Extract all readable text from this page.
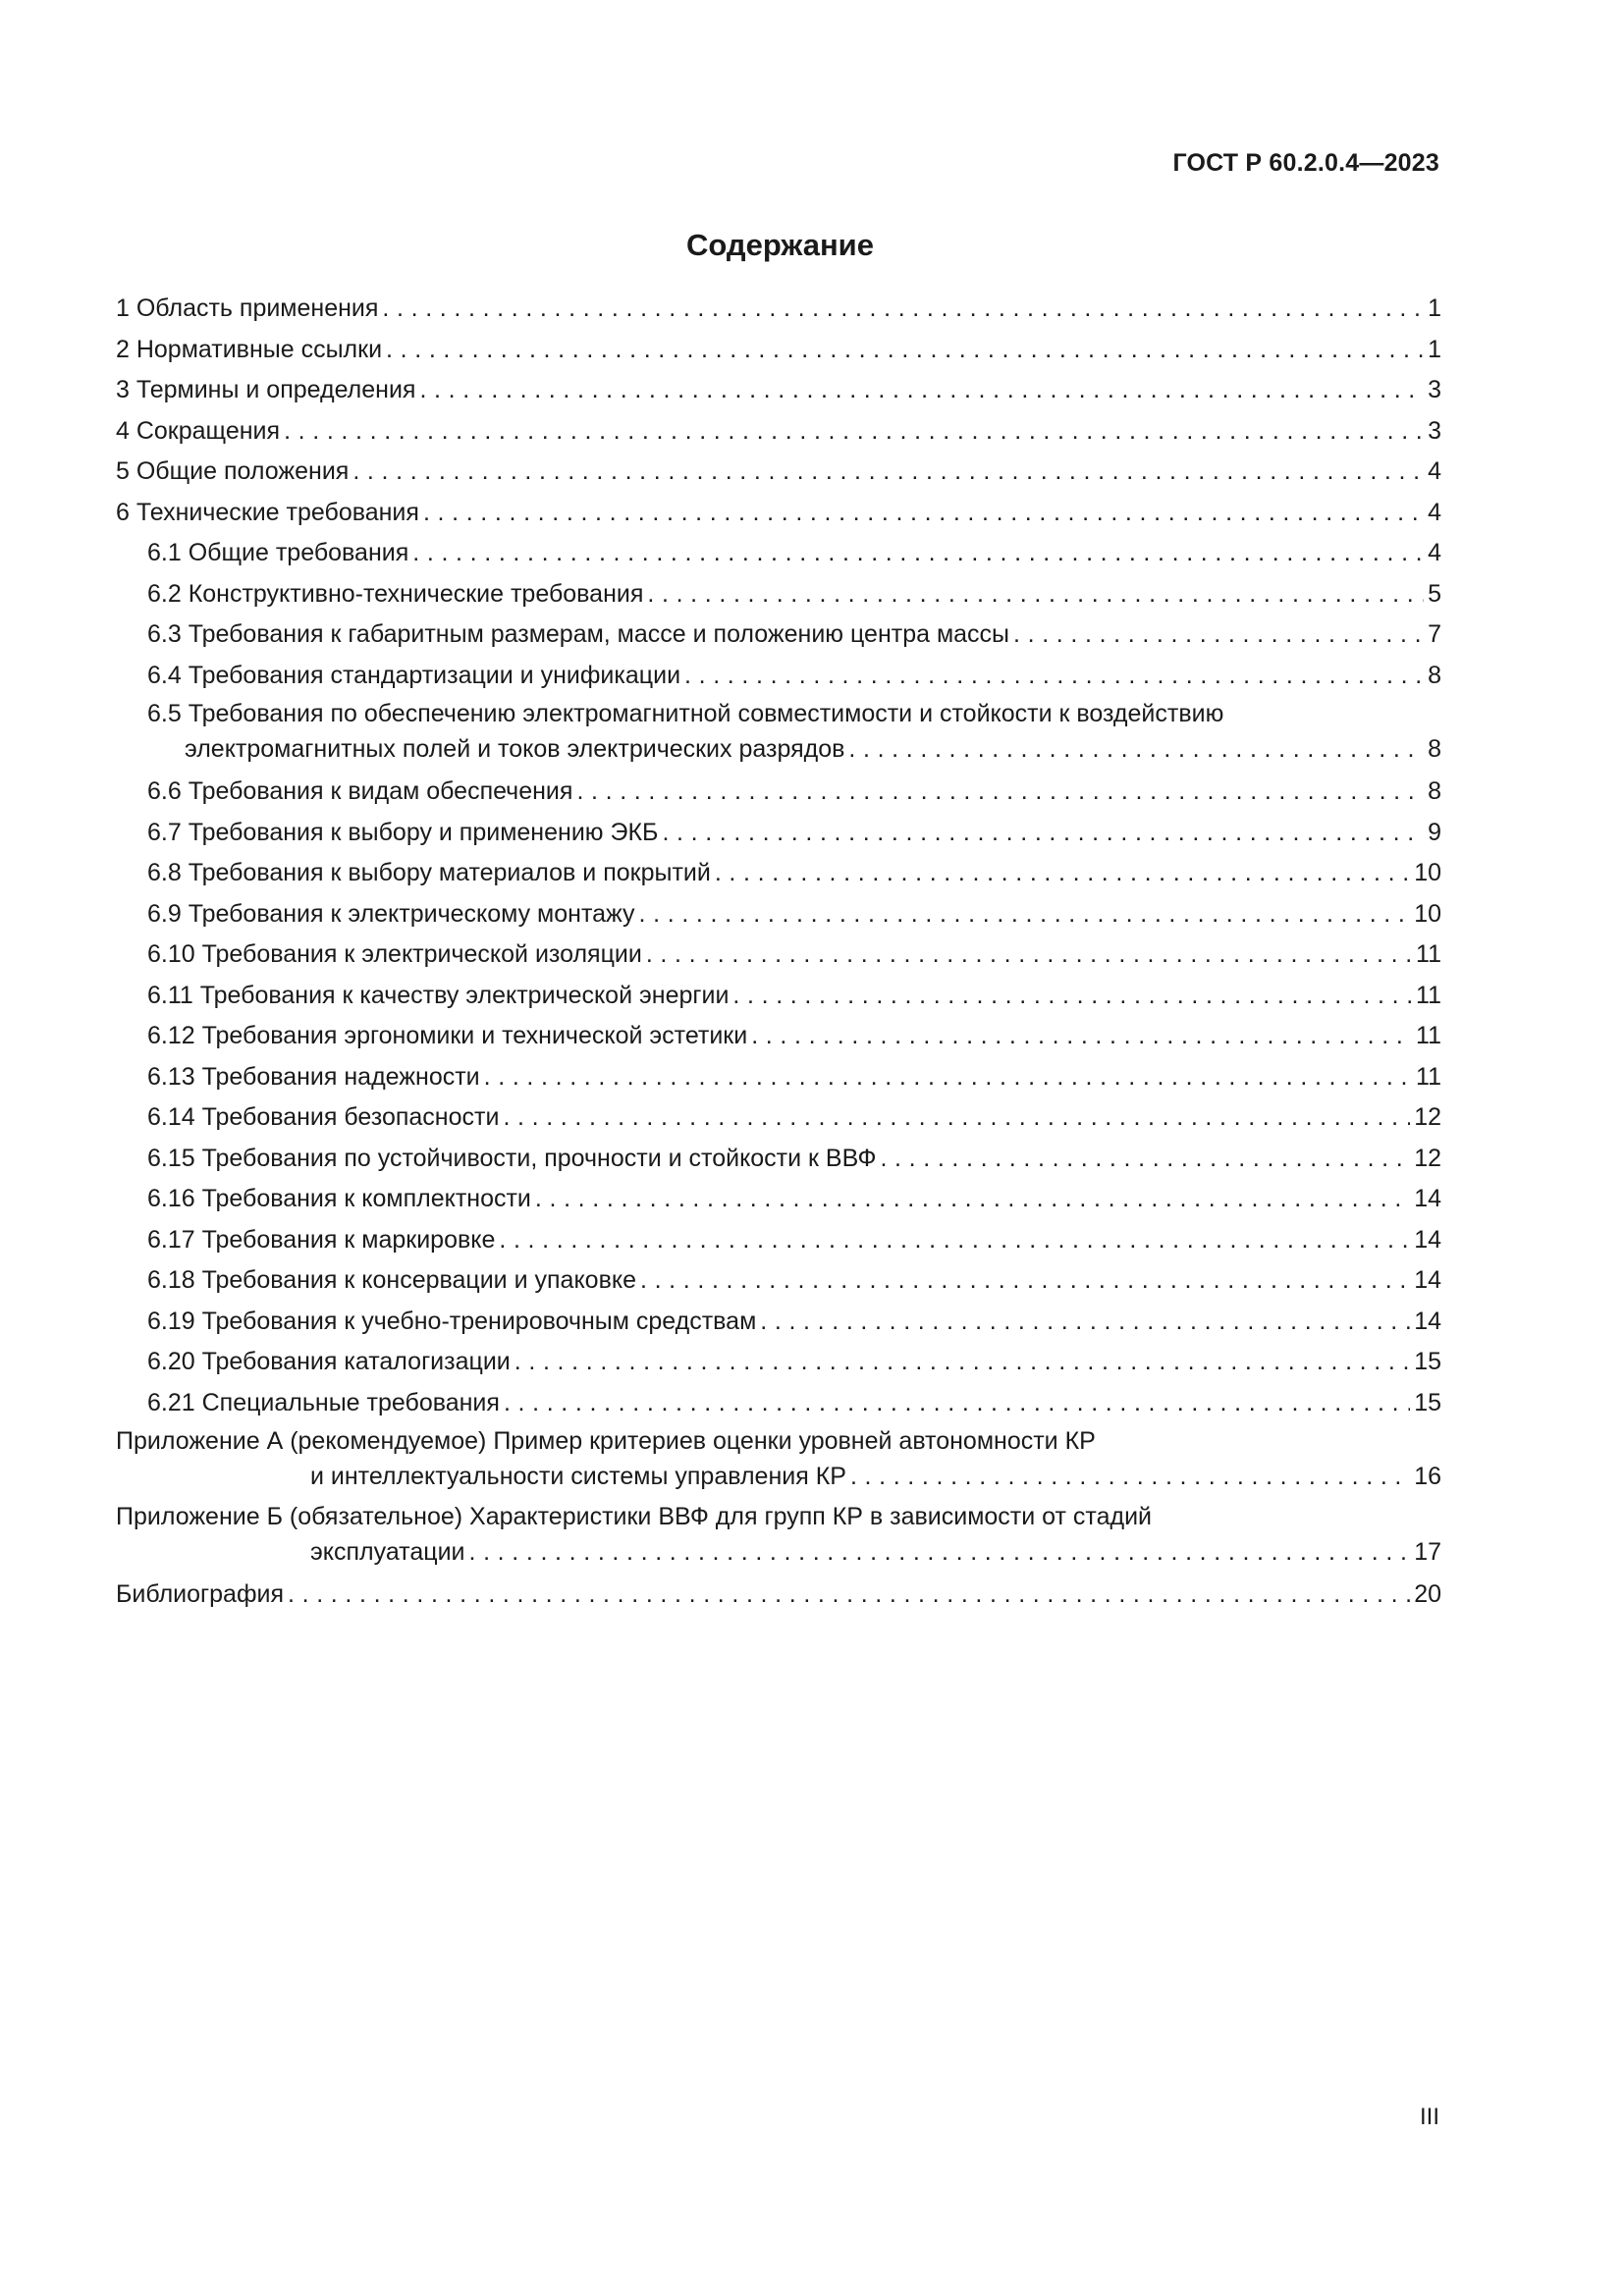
ГОСТ Р 60.2.0.4—2023
Содержание
1 Область применения . . .	1
2 Нормативные ссылки . . .	1
3 Термины и определения . . .	3
4 Сокращения . . .	3
5 Общие положения . . .	4
6 Технические требования . . .	4
6.1 Общие требования . . .	4
6.2 Конструктивно-технические требования . . .	5
6.3 Требования к габаритным размерам, массе и положению центра массы . . .	7
6.4 Требования стандартизации и унификации . . .	8
6.5 Требования по обеспечению электромагнитной совместимости и стойкости к воздействию
электромагнитных полей и токов электрических разрядов . . .	8
6.6 Требования к видам обеспечения . . .	8
6.7 Требования к выбору и применению ЭКБ . . .	9
6.8 Требования к выбору материалов и покрытий . . .	10
6.9 Требования к электрическому монтажу . . .	10
6.10 Требования к электрической изоляции . . .	11
6.11 Требования к качеству электрической энергии . . .	11
6.12 Требования эргономики и технической эстетики . . .	11
6.13 Требования надежности . . .	11
6.14 Требования безопасности . . .	12
6.15 Требования по устойчивости, прочности и стойкости к ВВФ . . .	12
6.16 Требования к комплектности . . .	14
6.17 Требования к маркировке . . .	14
6.18 Требования к консервации и упаковке . . .	14
6.19 Требования к учебно-тренировочным средствам . . .	14
6.20 Требования каталогизации . . .	15
6.21 Специальные требования . . .	15
Приложение А (рекомендуемое) Пример критериев оценки уровней автономности КР
и интеллектуальности системы управления КР . . .	16
Приложение Б (обязательное) Характеристики ВВФ для групп КР в зависимости от стадий
эксплуатации . . .	17
Библиография . . .	20
III
